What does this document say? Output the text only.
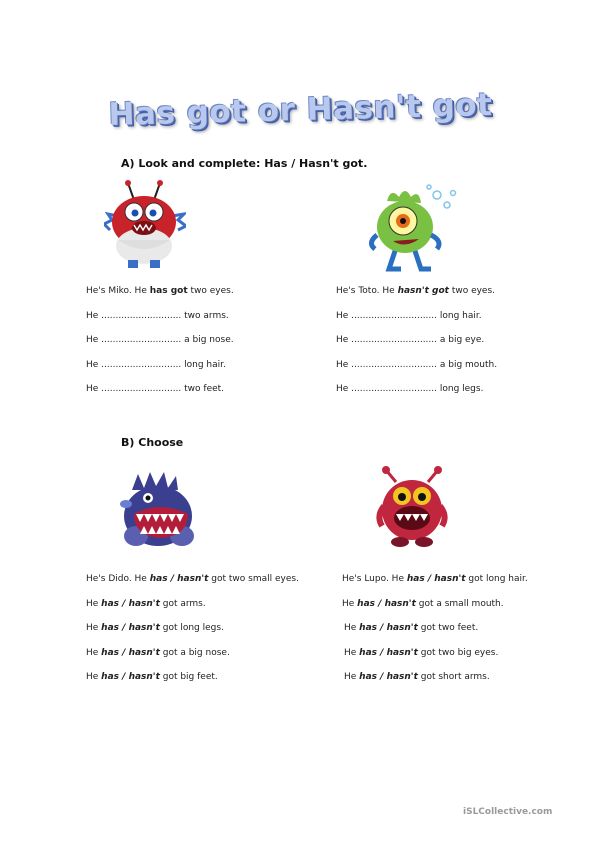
Has got or Hasn't got
A) Look and complete: Has / Hasn't got.
He's Miko. He has got two eyes.
He ............................ two arms.
He ............................ a big nose.
He ............................ long hair.
He ............................ two feet.
He's Toto. He hasn't got two eyes.
He .............................. long hair.
He .............................. a big eye.
He .............................. a big mouth.
He .............................. long legs.
B) Choose
He's Dido. He has / hasn't got two small eyes.
He has / hasn't got arms.
He has / hasn't got long legs.
He has / hasn't got a big nose.
He has / hasn't got big feet.
He's Lupo. He has / hasn't got long hair.
He has / hasn't got a small mouth.
He has / hasn't got two feet.
He has / hasn't got two big eyes.
He has / hasn't got short arms.
iSLCollective.com
